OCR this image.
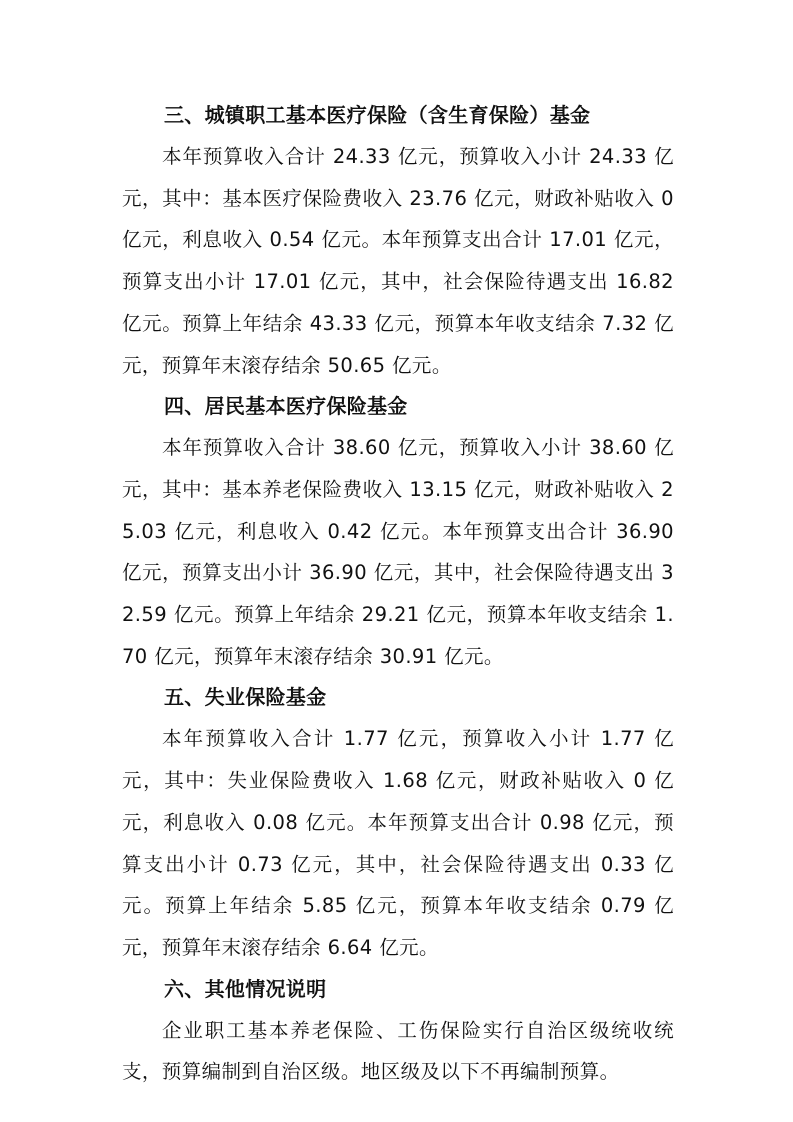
三、城镇职工基本医疗保险（含生育保险）基金

本年预算收入合计 24.33 亿元，预算收入小计 24.33 亿元，其中：基本医疗保险费收入 23.76 亿元，财政补贴收入 0 亿元，利息收入 0.54 亿元。本年预算支出合计 17.01 亿元，预算支出小计 17.01 亿元，其中，社会保险待遇支出 16.82 亿元。预算上年结余 43.33 亿元，预算本年收支结余 7.32 亿元，预算年末滚存结余 50.65 亿元。

四、居民基本医疗保险基金

本年预算收入合计 38.60 亿元，预算收入小计 38.60 亿元，其中：基本养老保险费收入 13.15 亿元，财政补贴收入 25.03 亿元，利息收入 0.42 亿元。本年预算支出合计 36.90 亿元，预算支出小计 36.90 亿元，其中，社会保险待遇支出 32.59 亿元。预算上年结余 29.21 亿元，预算本年收支结余 1.70 亿元，预算年末滚存结余 30.91 亿元。

五、失业保险基金

本年预算收入合计 1.77 亿元，预算收入小计 1.77 亿元，其中：失业保险费收入 1.68 亿元，财政补贴收入 0 亿元，利息收入 0.08 亿元。本年预算支出合计 0.98 亿元，预算支出小计 0.73 亿元，其中，社会保险待遇支出 0.33 亿元。预算上年结余 5.85 亿元，预算本年收支结余 0.79 亿元，预算年末滚存结余 6.64 亿元。

六、其他情况说明

企业职工基本养老保险、工伤保险实行自治区级统收统支，预算编制到自治区级。地区级及以下不再编制预算。
